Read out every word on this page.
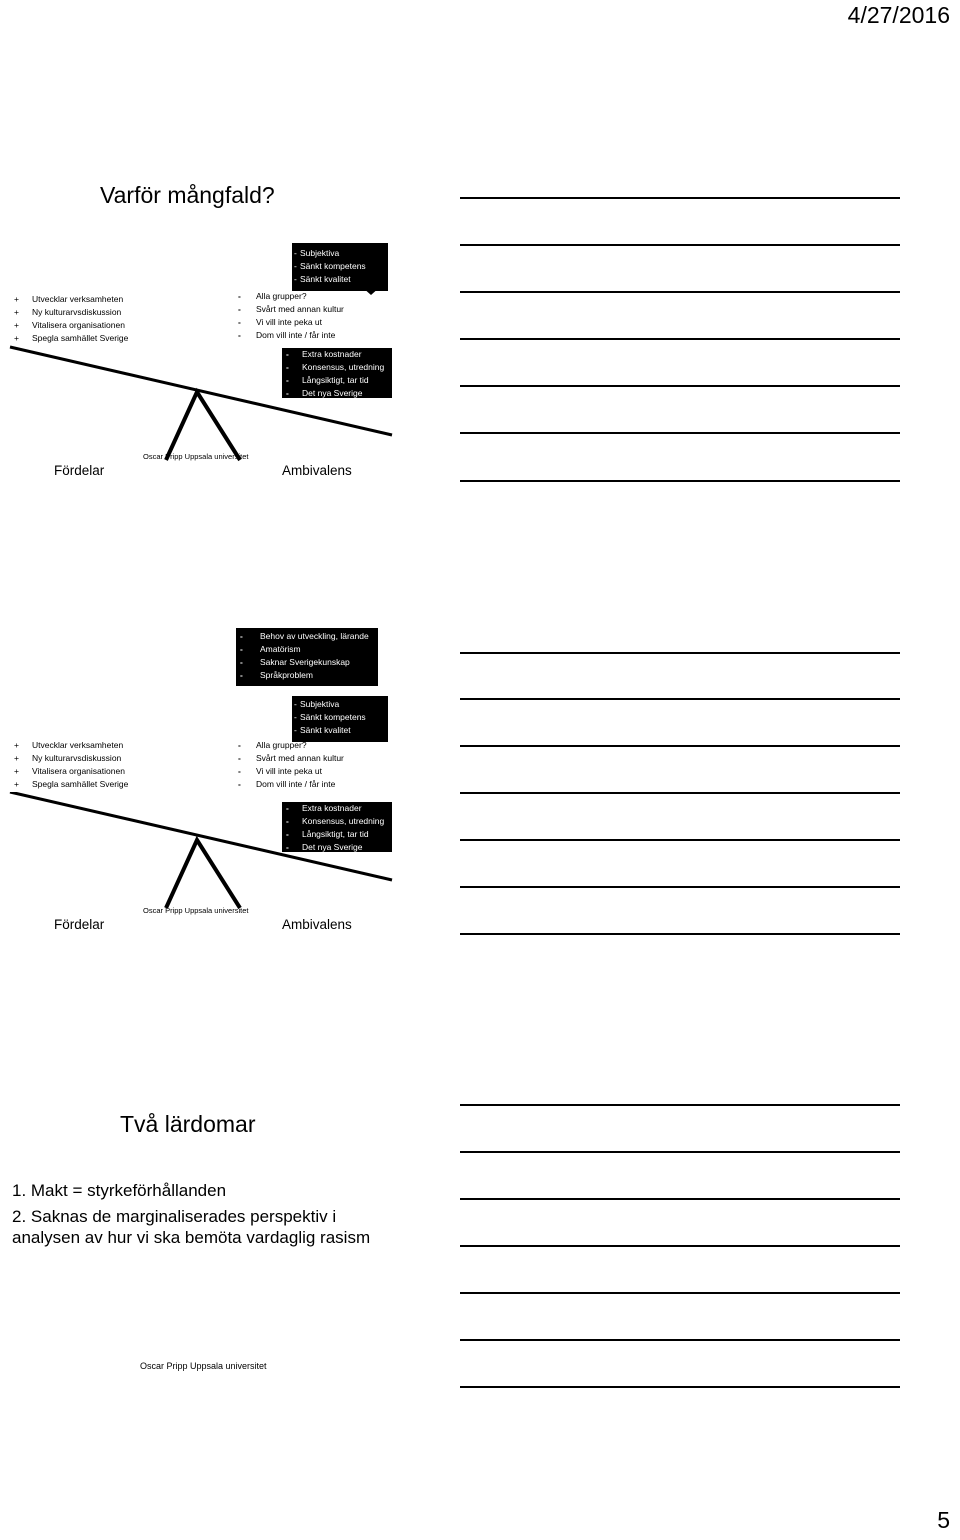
4/27/2016
Varför mångfald?
+ Utvecklar verksamheten
+ Ny kulturarvsdiskussion
+ Vitalisera organisationen
+ Spegla samhället Sverige
- Subjektiva
- Sänkt kompetens
- Sänkt kvalitet
- Alla grupper?
- Svårt med annan kultur
- Vi vill inte peka ut
- Dom vill inte / får inte
- Extra kostnader
- Konsensus, utredning
- Långsiktigt, tar tid
- Det nya Sverige
Oscar Pripp Uppsala universitet
Fördelar	Ambivalens
- Behov av utveckling, lärande
- Amatörism
- Saknar Sverigekunskap
- Språkproblem
- Subjektiva
- Sänkt kompetens
- Sänkt kvalitet
+ Utvecklar verksamheten
+ Ny kulturarvsdiskussion
+ Vitalisera organisationen
+ Spegla samhället Sverige
- Alla grupper?
- Svårt med annan kultur
- Vi vill inte peka ut
- Dom vill inte / får inte
- Extra kostnader
- Konsensus, utredning
- Långsiktigt, tar tid
- Det nya Sverige
Oscar Pripp Uppsala universitet
Fördelar	Ambivalens
Två lärdomar
1. Makt = styrkeförhållanden
2. Saknas de marginaliserades perspektiv i analysen av hur vi ska bemöta vardaglig rasism
Oscar Pripp Uppsala universitet
5
